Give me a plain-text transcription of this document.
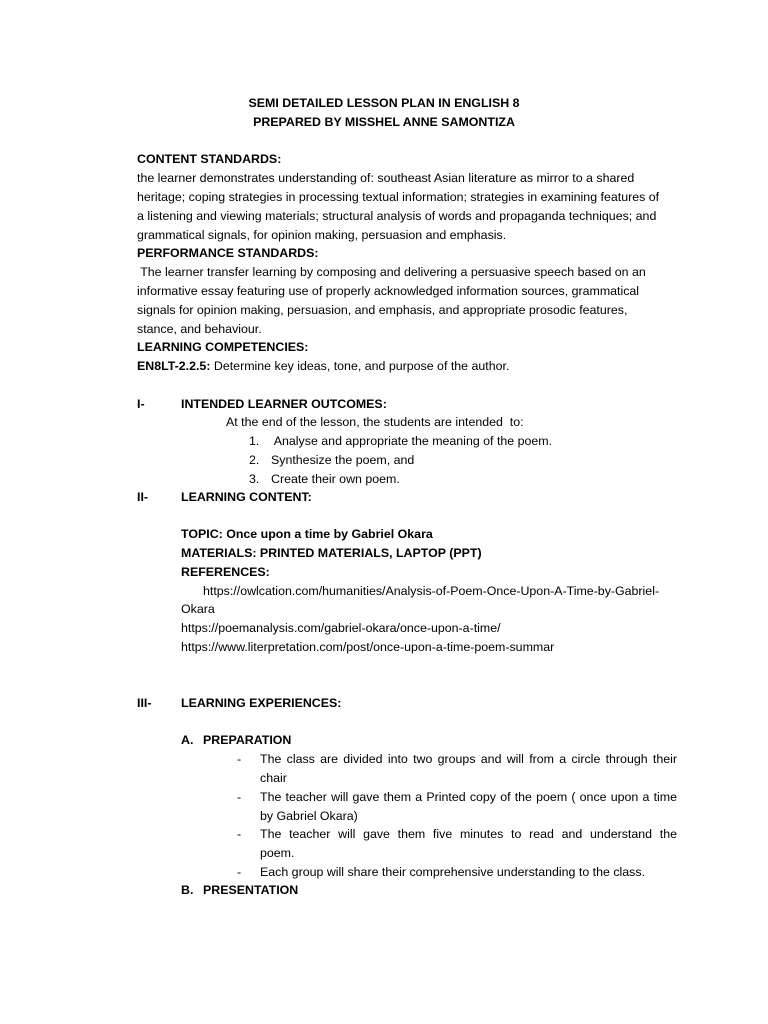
SEMI DETAILED LESSON PLAN IN ENGLISH 8
PREPARED BY MISSHEL ANNE SAMONTIZA
CONTENT STANDARDS:
the learner demonstrates understanding of: southeast Asian literature as mirror to a shared
heritage; coping strategies in processing textual information; strategies in examining features of
a listening and viewing materials; structural analysis of words and propaganda techniques; and
grammatical signals, for opinion making, persuasion and emphasis.
PERFORMANCE STANDARDS:
The learner transfer learning by composing and delivering a persuasive speech based on an
informative essay featuring use of properly acknowledged information sources, grammatical
signals for opinion making, persuasion, and emphasis, and appropriate prosodic features,
stance, and behaviour.
LEARNING COMPETENCIES:
EN8LT-2.2.5: Determine key ideas, tone, and purpose of the author.
I-	INTENDED LEARNER OUTCOMES:
At the end of the lesson, the students are intended  to:
1. Analyse and appropriate the meaning of the poem.
2. Synthesize the poem, and
3. Create their own poem.
II-	LEARNING CONTENT:
TOPIC: Once upon a time by Gabriel Okara
MATERIALS: PRINTED MATERIALS, LAPTOP (PPT)
REFERENCES:
https://owlcation.com/humanities/Analysis-of-Poem-Once-Upon-A-Time-by-Gabriel-
Okara
https://poemanalysis.com/gabriel-okara/once-upon-a-time/
https://www.literpretation.com/post/once-upon-a-time-poem-summar
III- LEARNING EXPERIENCES:
A. PREPARATION
- The class are divided into two groups and will from a circle through their
chair
- The teacher will gave them a Printed copy of the poem ( once upon a time
by Gabriel Okara)
- The teacher will gave them five minutes to read and understand the
poem.
- Each group will share their comprehensive understanding to the class.
B. PRESENTATION
